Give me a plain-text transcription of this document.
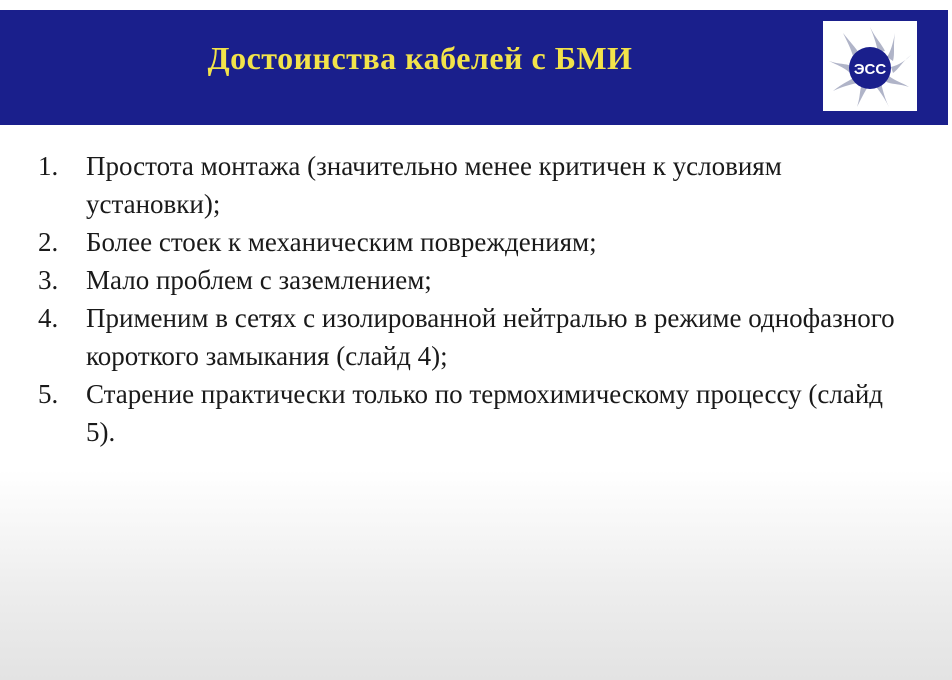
Достоинства кабелей с БМИ	ЭСС
1. Простота монтажа (значительно менее критичен к условиям установки);
2. Более стоек к механическим повреждениям;
3. Мало проблем с заземлением;
4. Применим в сетях с изолированной нейтралью в режиме однофазного короткого замыкания (слайд 4);
5. Старение практически только по термохимическому процессу (слайд 5).
